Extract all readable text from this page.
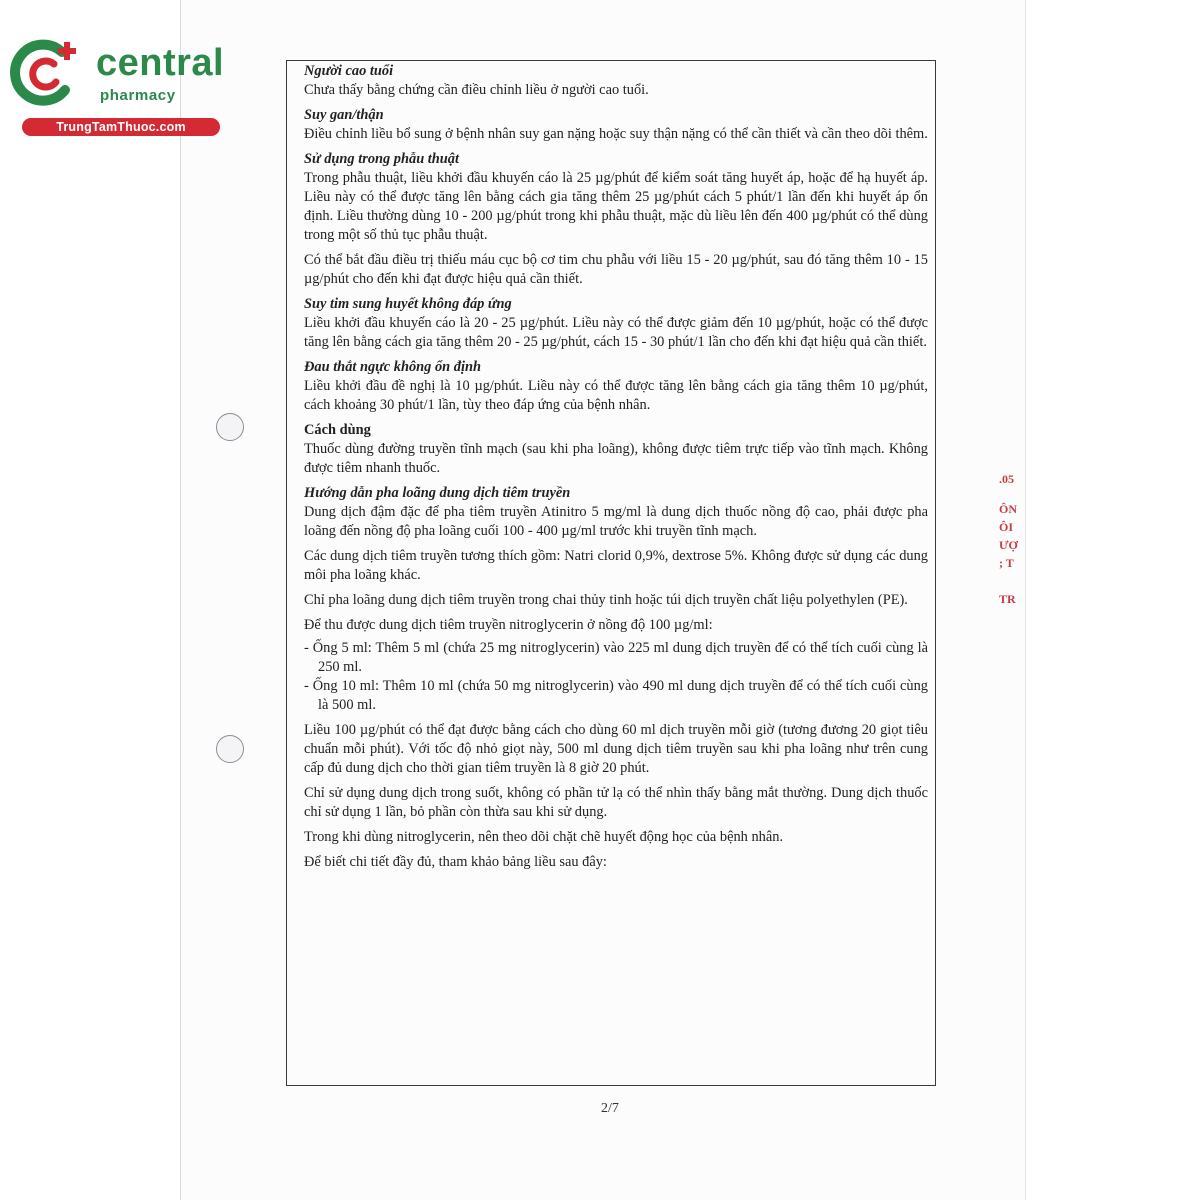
central
pharmacy
TrungTamThuoc.com
.05
ÔN
ÔI
ƯỢ
; T
TR

Người cao tuổi

Chưa thấy bằng chứng cần điều chỉnh liều ở người cao tuổi.

Suy gan/thận

Điều chỉnh liều bổ sung ở bệnh nhân suy gan nặng hoặc suy thận nặng có thể cần thiết và cần theo dõi thêm.

Sử dụng trong phẫu thuật

Trong phẫu thuật, liều khởi đầu khuyến cáo là 25 µg/phút để kiểm soát tăng huyết áp, hoặc để hạ huyết áp. Liều này có thể được tăng lên bằng cách gia tăng thêm 25 µg/phút cách 5 phút/1 lần đến khi huyết áp ổn định. Liều thường dùng 10 - 200 µg/phút trong khi phẫu thuật, mặc dù liều lên đến 400 µg/phút có thể dùng trong một số thủ tục phẫu thuật.

Có thể bắt đầu điều trị thiếu máu cục bộ cơ tim chu phẫu với liều 15 - 20 µg/phút, sau đó tăng thêm 10 - 15 µg/phút cho đến khi đạt được hiệu quả cần thiết.

Suy tim sung huyết không đáp ứng

Liều khởi đầu khuyến cáo là 20 - 25 µg/phút. Liều này có thể được giảm đến 10 µg/phút, hoặc có thể được tăng lên bằng cách gia tăng thêm 20 - 25 µg/phút, cách 15 - 30 phút/1 lần cho đến khi đạt hiệu quả cần thiết.

Đau thắt ngực không ổn định

Liều khởi đầu đề nghị là 10 µg/phút. Liều này có thể được tăng lên bằng cách gia tăng thêm 10 µg/phút, cách khoảng 30 phút/1 lần, tùy theo đáp ứng của bệnh nhân.

Cách dùng

Thuốc dùng đường truyền tĩnh mạch (sau khi pha loãng), không được tiêm trực tiếp vào tĩnh mạch. Không được tiêm nhanh thuốc.

Hướng dẫn pha loãng dung dịch tiêm truyền

Dung dịch đậm đặc để pha tiêm truyền Atinitro 5 mg/ml là dung dịch thuốc nồng độ cao, phải được pha loãng đến nồng độ pha loãng cuối 100 - 400 µg/ml trước khi truyền tĩnh mạch.

Các dung dịch tiêm truyền tương thích gồm: Natri clorid 0,9%, dextrose 5%. Không được sử dụng các dung môi pha loãng khác.

Chỉ pha loãng dung dịch tiêm truyền trong chai thủy tinh hoặc túi dịch truyền chất liệu polyethylen (PE).

Để thu được dung dịch tiêm truyền nitroglycerin ở nồng độ 100 µg/ml:

- Ống 5 ml: Thêm 5 ml (chứa 25 mg nitroglycerin) vào 225 ml dung dịch truyền để có thể tích cuối cùng là 250 ml.

- Ống 10 ml: Thêm 10 ml (chứa 50 mg nitroglycerin) vào 490 ml dung dịch truyền để có thể tích cuối cùng là 500 ml.

Liều 100 µg/phút có thể đạt được bằng cách cho dùng 60 ml dịch truyền mỗi giờ (tương đương 20 giọt tiêu chuẩn mỗi phút). Với tốc độ nhỏ giọt này, 500 ml dung dịch tiêm truyền sau khi pha loãng như trên cung cấp đủ dung dịch cho thời gian tiêm truyền là 8 giờ 20 phút.

Chỉ sử dụng dung dịch trong suốt, không có phần tử lạ có thể nhìn thấy bằng mắt thường. Dung dịch thuốc chỉ sử dụng 1 lần, bỏ phần còn thừa sau khi sử dụng.

Trong khi dùng nitroglycerin, nên theo dõi chặt chẽ huyết động học của bệnh nhân.

Để biết chi tiết đầy đủ, tham khảo bảng liều sau đây:

2/7
